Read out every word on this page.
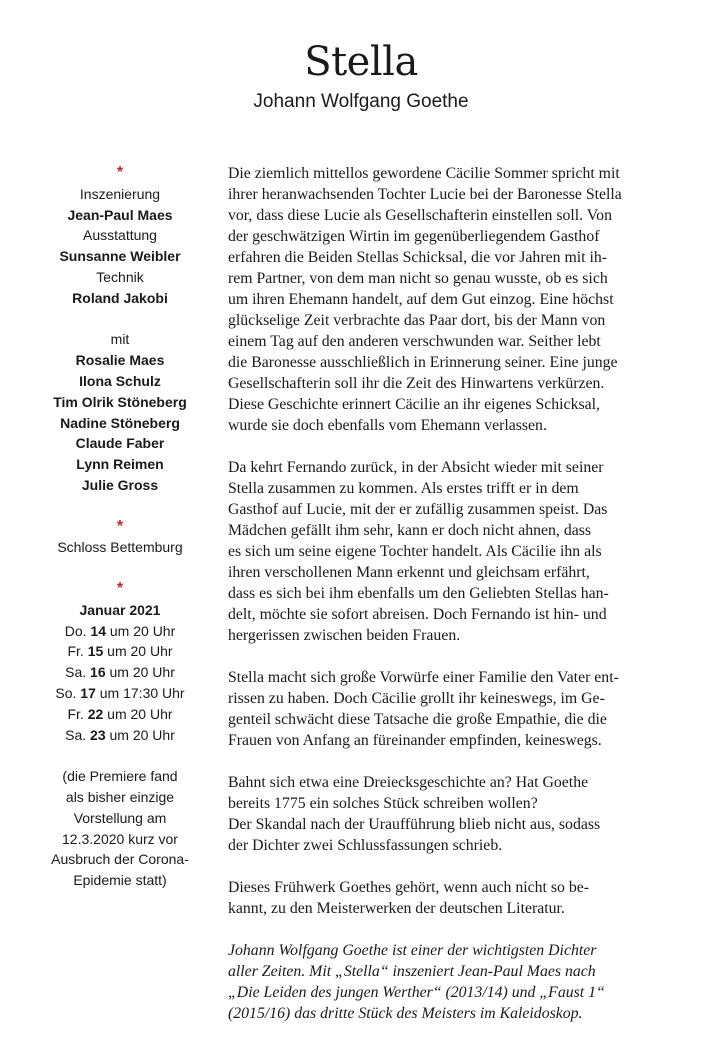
Stella
Johann Wolfgang Goethe
*
Inszenierung
Jean-Paul Maes
Ausstattung
Sunsanne Weibler
Technik
Roland Jakobi
mit
Rosalie Maes
Ilona Schulz
Tim Olrik Stöneberg
Nadine Stöneberg
Claude Faber
Lynn Reimen
Julie Gross
*
Schloss Bettemburg
*
Januar 2021
Do. 14 um 20 Uhr
Fr. 15 um 20 Uhr
Sa. 16 um 20 Uhr
So. 17 um 17:30 Uhr
Fr. 22 um 20 Uhr
Sa. 23 um 20 Uhr
(die Premiere fand
als bisher einzige
Vorstellung am
12.3.2020 kurz vor
Ausbruch der Corona-
Epidemie statt)
Die ziemlich mittellos gewordene Cäcilie Sommer spricht mit
ihrer heranwachsenden Tochter Lucie bei der Baronesse Stella
vor, dass diese Lucie als Gesellschafterin einstellen soll. Von
der geschwätzigen Wirtin im gegenüberliegendem Gasthof
erfahren die Beiden Stellas Schicksal, die vor Jahren mit ih-
rem Partner, von dem man nicht so genau wusste, ob es sich
um ihren Ehemann handelt, auf dem Gut einzog. Eine höchst
glückselige Zeit verbrachte das Paar dort, bis der Mann von
einem Tag auf den anderen verschwunden war. Seither lebt
die Baronesse ausschließlich in Erinnerung seiner. Eine junge
Gesellschafterin soll ihr die Zeit des Hinwartens verkürzen.
Diese Geschichte erinnert Cäcilie an ihr eigenes Schicksal,
wurde sie doch ebenfalls vom Ehemann verlassen.
Da kehrt Fernando zurück, in der Absicht wieder mit seiner
Stella zusammen zu kommen. Als erstes trifft er in dem
Gasthof auf Lucie, mit der er zufällig zusammen speist. Das
Mädchen gefällt ihm sehr, kann er doch nicht ahnen, dass
es sich um seine eigene Tochter handelt. Als Cäcilie ihn als
ihren verschollenen Mann erkennt und gleichsam erfährt,
dass es sich bei ihm ebenfalls um den Geliebten Stellas han-
delt, möchte sie sofort abreisen. Doch Fernando ist hin- und
hergerissen zwischen beiden Frauen.
Stella macht sich große Vorwürfe einer Familie den Vater ent-
rissen zu haben. Doch Cäcilie grollt ihr keineswegs, im Ge-
genteil schwächt diese Tatsache die große Empathie, die die
Frauen von Anfang an füreinander empfinden, keineswegs.
Bahnt sich etwa eine Dreiecksgeschichte an? Hat Goethe
bereits 1775 ein solches Stück schreiben wollen?
Der Skandal nach der Uraufführung blieb nicht aus, sodass
der Dichter zwei Schlussfassungen schrieb.
Dieses Frühwerk Goethes gehört, wenn auch nicht so be-
kannt, zu den Meisterwerken der deutschen Literatur.
Johann Wolfgang Goethe ist einer der wichtigsten Dichter
aller Zeiten. Mit „Stella“ inszeniert Jean-Paul Maes nach
„Die Leiden des jungen Werther“ (2013/14) und „Faust 1“
(2015/16) das dritte Stück des Meisters im Kaleidoskop.
